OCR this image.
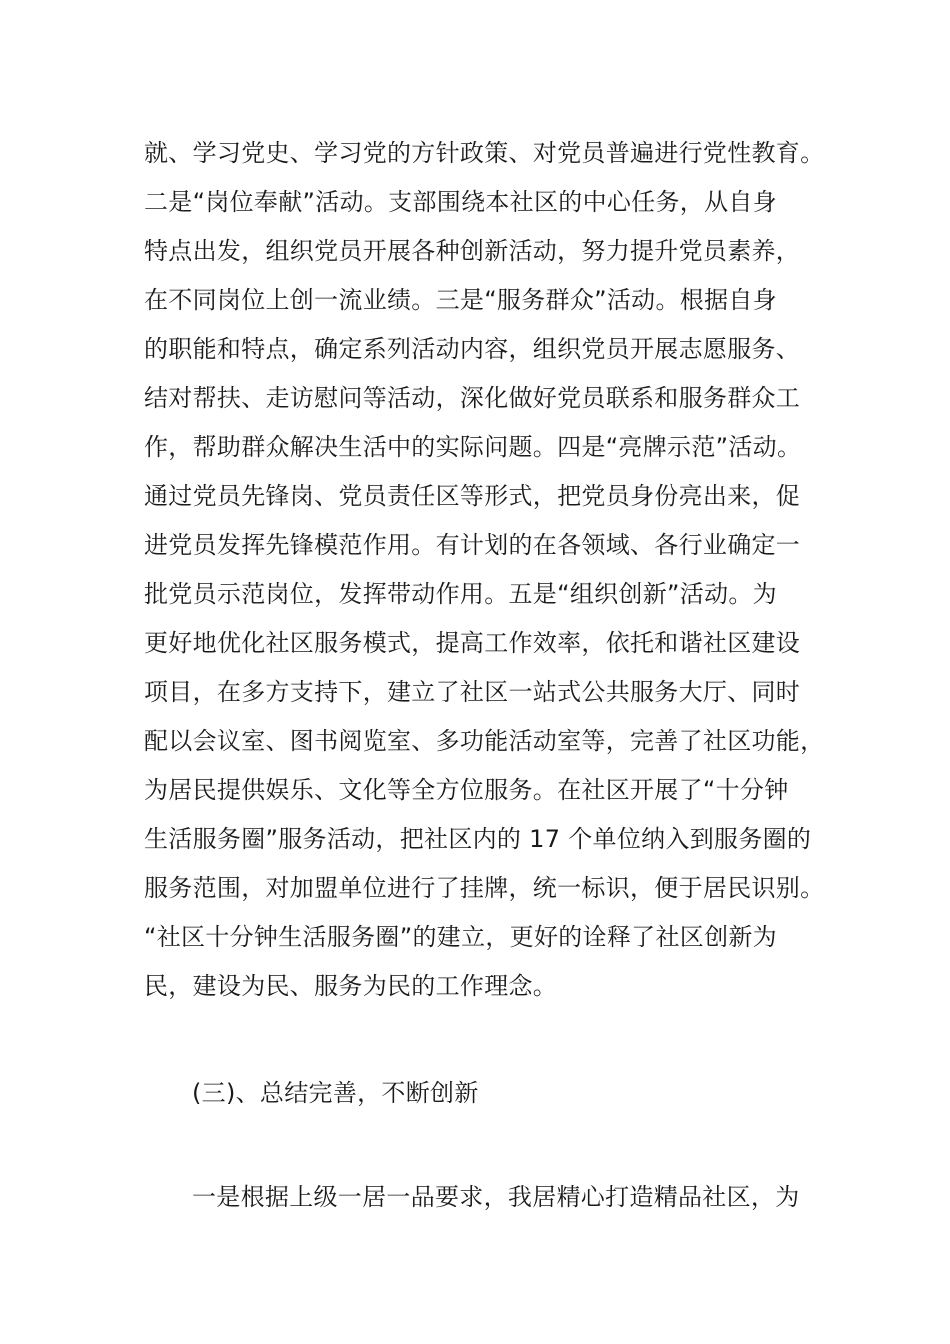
就、学习党史、学习党的方针政策、对党员普遍进行党性教育。
二是“岗位奉献”活动。支部围绕本社区的中心任务，从自身
特点出发，组织党员开展各种创新活动，努力提升党员素养，
在不同岗位上创一流业绩。三是“服务群众”活动。根据自身
的职能和特点，确定系列活动内容，组织党员开展志愿服务、
结对帮扶、走访慰问等活动，深化做好党员联系和服务群众工
作，帮助群众解决生活中的实际问题。四是“亮牌示范”活动。
通过党员先锋岗、党员责任区等形式，把党员身份亮出来，促
进党员发挥先锋模范作用。有计划的在各领域、各行业确定一
批党员示范岗位，发挥带动作用。五是“组织创新”活动。为
更好地优化社区服务模式，提高工作效率，依托和谐社区建设
项目，在多方支持下，建立了社区一站式公共服务大厅、同时
配以会议室、图书阅览室、多功能活动室等，完善了社区功能，
为居民提供娱乐、文化等全方位服务。在社区开展了“十分钟
生活服务圈”服务活动，把社区内的 17 个单位纳入到服务圈的
服务范围，对加盟单位进行了挂牌，统一标识，便于居民识别。
“社区十分钟生活服务圈”的建立，更好的诠释了社区创新为
民，建设为民、服务为民的工作理念。
(三)、总结完善，不断创新
一是根据上级一居一品要求，我居精心打造精品社区，为
